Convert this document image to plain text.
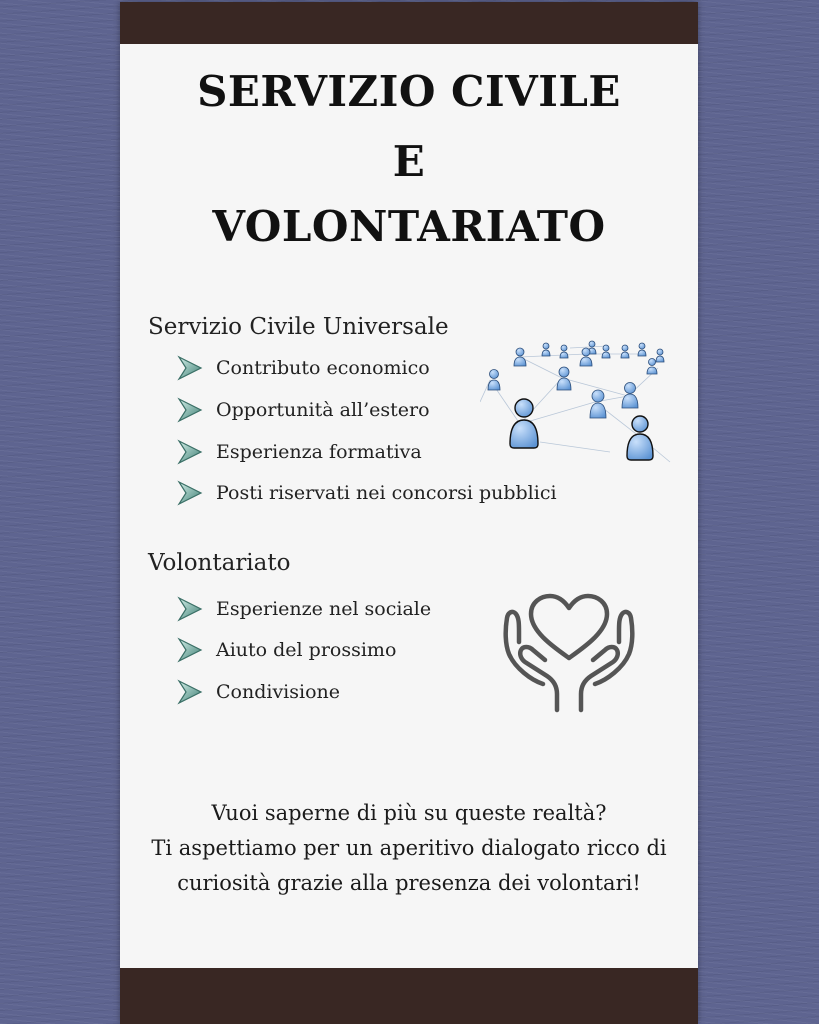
SERVIZIO CIVILE
E
VOLONTARIATO
Servizio Civile Universale
Contributo economico
Opportunità all’estero
Esperienza formativa
Posti riservati nei concorsi pubblici
Volontariato
Esperienze nel sociale
Aiuto del prossimo
Condivisione
Vuoi saperne di più su queste realtà?
Ti aspettiamo per un aperitivo dialogato ricco di
curiosità grazie alla presenza dei volontari!
